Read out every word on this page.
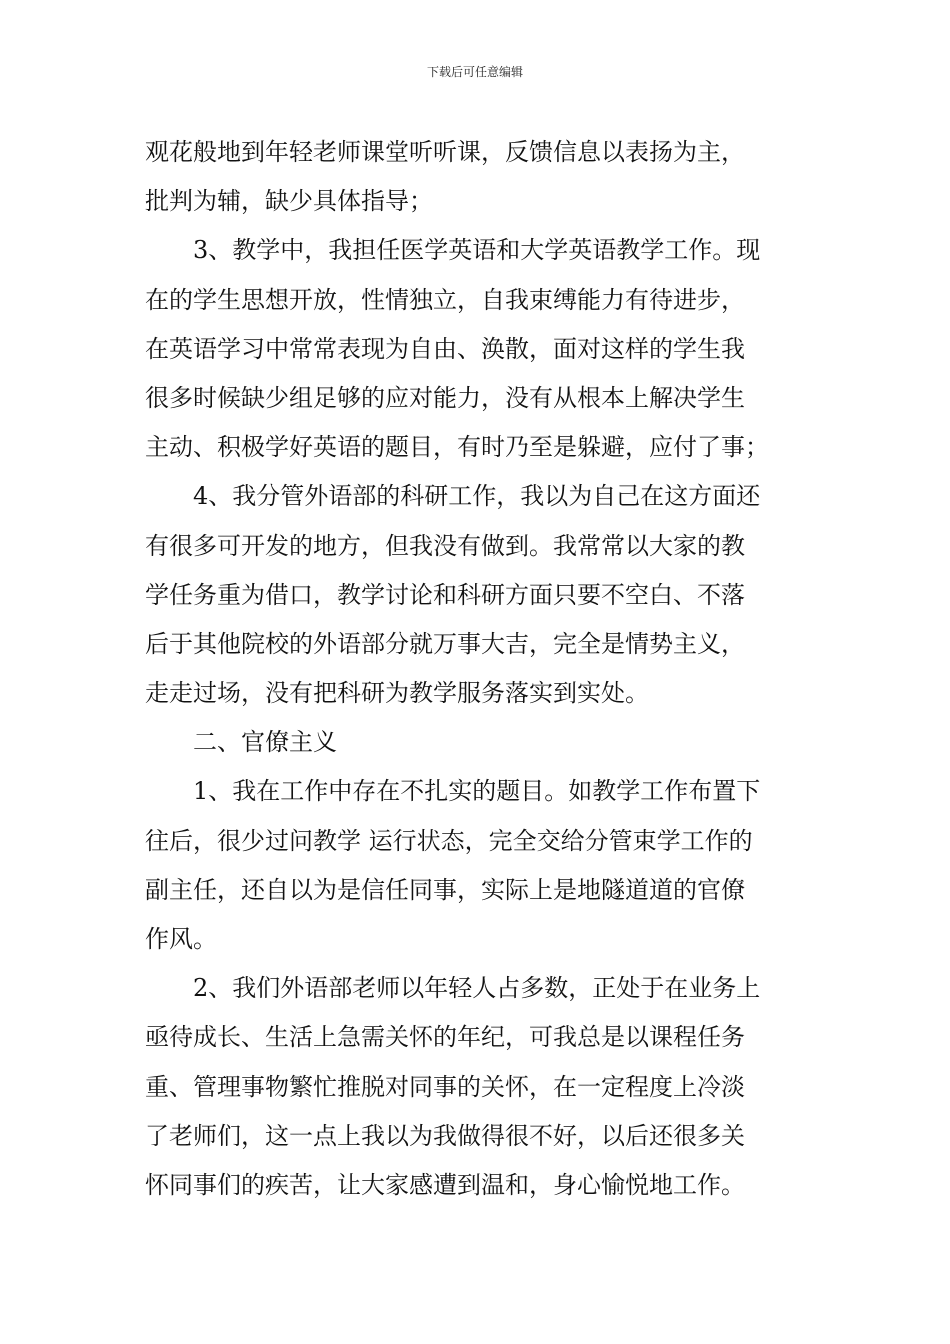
下载后可任意编辑
观花般地到年轻老师课堂听听课，反馈信息以表扬为主，
批判为辅，缺少具体指导；
3、教学中，我担任医学英语和大学英语教学工作。现
在的学生思想开放，性情独立，自我束缚能力有待进步，
在英语学习中常常表现为自由、涣散，面对这样的学生我
很多时候缺少组足够的应对能力，没有从根本上解决学生
主动、积极学好英语的题目，有时乃至是躲避，应付了事；
4、我分管外语部的科研工作，我以为自己在这方面还
有很多可开发的地方，但我没有做到。我常常以大家的教
学任务重为借口，教学讨论和科研方面只要不空白、不落
后于其他院校的外语部分就万事大吉，完全是情势主义，
走走过场，没有把科研为教学服务落实到实处。
二、官僚主义
1、我在工作中存在不扎实的题目。如教学工作布置下
往后，很少过问教学 运行状态，完全交给分管束学工作的
副主任，还自以为是信任同事，实际上是地隧道道的官僚
作风。
2、我们外语部老师以年轻人占多数，正处于在业务上
亟待成长、生活上急需关怀的年纪，可我总是以课程任务
重、管理事物繁忙推脱对同事的关怀，在一定程度上冷淡
了老师们，这一点上我以为我做得很不好，以后还很多关
怀同事们的疾苦，让大家感遭到温和，身心愉悦地工作。
